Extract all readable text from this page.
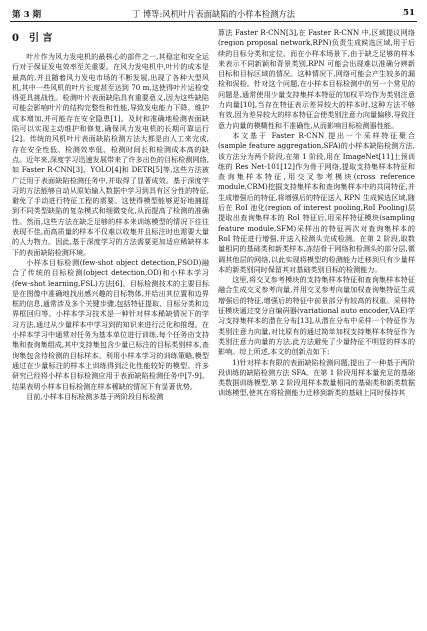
第 3 期	丁 博等:风机叶片表面缺陷的小样本检测方法	51
0 引 言

叶片作为风力发电机的最核心的部件之一,其稳定和安全运行对于保证发电效率至关重要。在风力发电机中,叶片的成本是最高的,并且随着风力发电市场的不断发展,出现了各种大型风机,其中一些风机的叶片长度甚至达到 70 m,这使得叶片运检变得更具挑战性。检测叶片表面缺陷具有重要意义,因为这些缺陷可能会影响叶片的结构完整性和性能,导致发电能力下降、维护成本增加,并可能存在安全隐患[1]。及时和准确地检测表面缺陷可以实现主动维护和修复,确保风力发电机的长期可靠运行[2]。传统的风机叶片表面缺陷检测方法大都是由人工来完成,存在安全性低、检测效率低、检测时间长和检测成本高的缺点。近年来,深度学习迅速发展带来了许多出色的目标检测网络,如 Faster R-CNN[3]、YOLO[4]和 DETR[5]等,这些方法被广泛用于表面缺陷检测任务中,并取得了显著成效。基于深度学习的方法能够自动从原始输入数据中学习到具有区分性的特征,避免了手动进行特征工程的需要。这使得模型能够更好地捕捉到不同类型缺陷的复杂模式和细微变化,从而提高了检测的准确性。然而,这些方法在缺乏足够的样本来训练模型的情况下往往表现不佳,而高质量的样本不仅难以收集并且标注时也需要大量的人力物力。因此,基于深度学习的方法需要更加适应稀缺样本下的表面缺陷检测环境。

小样本目标检测(few-shot object detection,FSOD)融合了传统的目标检测(object detection,OD)和小样本学习(few-shot learning,FSL)方法[6]。目标检测技术的主要目标是在图像中准确地找出感兴趣的目标物体,并给出其位置和边界框的信息,通常涉及多个关键步骤,包括特征提取、目标分类和边界框回归等。小样本学习技术是一种针对样本稀缺情况下的学习方法,通过从少量样本中学习到的知识来进行泛化和推理。在小样本学习中通常对任务为基本单位进行训练,每个任务由支持集和查询集组成,其中支持集包含少量已标注的目标类别样本,查询集包含待检测的目标样本。利用小样本学习的训练策略,模型通过在少量标注的样本上训练得到泛化性能较好的模型。许多研究已经将小样本目标检测应用于表面缺陷检测任务中[7-9]。结果表明小样本目标检测在样本稀缺的情况下有显著优势。

目前,小样本目标检测多基于两阶段目标检测

算法 Faster R-CNN[3],在 Faster R-CNN 中,区域提议网络(region proposal network,RPN)负责生成候选区域,用于后续的目标分类和定位。而在小样本场景下,由于缺乏足够的样本来表示不同新颖和背景类别,RPN 可能会出现难以准确分辨新目标和目标区域的情况。这种情况下,网络可能会产生较多的漏检和误检。针对这个问题,在小样本目标检测中的另一个常见的问题是,通常使用少量支持集样本特征的加权平均作为类别注意力向量[10],当存在特征表示差异较大的样本时,这种方法不够有效,因为差异较大的样本特征会使类别注意力向量偏移,导致注意力向量的模糊性和不准确性,从而影响目标检测器性能。

本文基于 Faster R-CNN 提出一个采样特征聚合(sample feature aggregation,SFA)的小样本缺陷检测方法,该方法分为两个阶段,在第 1 阶段,用在 ImageNet[11]上预训练的 Res Net-101[12]作为骨干网络,提取支持集样本特征和查询集样本特征,用交叉参考模块(cross reference module,CRM)挖掘支持集样本和查询集样本中的共同特征,并生成增强后的特征,将增强后的特征送入 RPN 生成候选区域,随后在 RoI 池化(region of interest pooling,RoI Pooling)层提取出查询集样本的 RoI 特征后,用采样特征模块(sampling feature module,SFM)采样出的特征再次对查询集样本的 RoI 特征进行增强,并送入检测头完成检测。在第 2 阶段,取数量相同的基础类和新类样本,冻结骨干网络和检测头的部分层,微调其他层的网络,以此实现将模型的检测能力迁移到只有少量样本的新类别同时保留其对基础类别目标的检测能力。

这里,将交叉参考模块的支持集样本特征和查询集样本特征融合生成交叉参考向量,并用交叉参考向量加权查询集特征生成增强后的特征,增强后的特征中前景部分有较高的权重。采样特征模块通过变分自编码器(variational auto encoder,VAE)学习支持集样本的潜在分布[13],从潜在分布中采样一个特征作为类别注意力向量,对比原有的通过简单加权支持集样本特征作为类别注意力向量的方法,此方法避免了少量特征不明显的样本的影响。综上所述,本文的创新点如下:

1)针对样本有限的表面缺陷检测问题,提出了一种基于两阶段训练的缺陷检测方法 SFA。在第 1 阶段用样本量充足的基础类数据训练模型,第 2 阶段用样本数量相同的基础类和新类数据训练模型,使其在将检测能力迁移到新类的基础上同时保持其
